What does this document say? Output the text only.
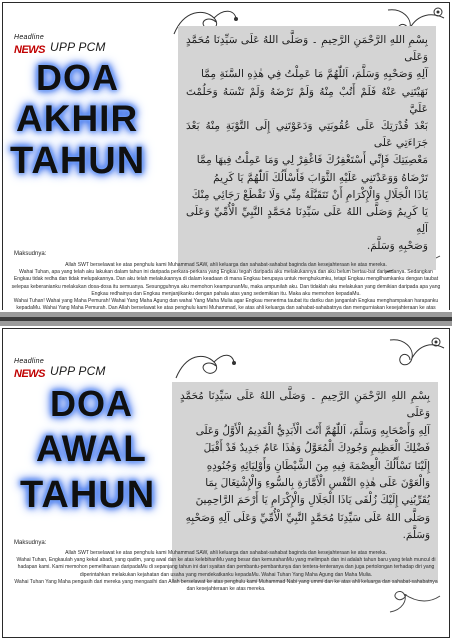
Headline
NEWS UPP PCM
DOA
AKHIR
TAHUN
بِسْمِ اللهِ الرَّحْمَنِ الرَّحِيمِ ۔ وَصَلَّى اللهُ عَلَى سَيِّدِنَا مُحَمَّدٍ وَعَلَى
آلِهِ وَصَحْبِهِ وَسَلَّمَ، اَللّٰهُمَّ مَا عَمِلْتُ فِي هٰذِهِ السَّنَةِ مِمَّا
نَهَيْتَنِي عَنْهُ فَلَمْ أَتُبْ مِنْهُ وَلَمْ تَرْضَهُ وَلَمْ تَنْسَهُ وَحَلُمْتَ عَلَيَّ
بَعْدَ قُدْرَتِكَ عَلَى عُقُوبَتِي وَدَعَوْتَنِي إِلَى التَّوْبَةِ مِنْهُ بَعْدَ جَرَاءَتِي عَلَى
مَعْصِيَتِكَ فَإِنِّي أَسْتَغْفِرُكَ فَاغْفِرْ لِي وَمَا عَمِلْتُ فِيهَا مِمَّا
تَرْضَاهُ وَوَعَدْتَنِي عَلَيْهِ الثَّوَابَ فَأَسْأَلُكَ اَللّٰهُمَّ يَا كَرِيمُ
يَاذَا الْجَلَالِ وَالْإِكْرَامِ أَنْ تَتَقَبَّلَهُ مِنِّي وَلَا تَقْطَعْ رَجَائِي مِنْكَ
يَا كَرِيمُ وَصَلَّى اللهُ عَلَى سَيِّدِنَا مُحَمَّدٍ النَّبِيِّ الْأُمِّيِّ وَعَلَى آلِهِ
وَصَحْبِهِ وَسَلَّمَ.
Maksudnya:

Allah SWT berselawat ke atas penghulu kami Muhammad SAW, ahli keluarga dan sahabat-sahabat baginda dan kesejahteraan ke atas mereka.

Wahai Tuhan, apa yang telah aku lakukan dalam tahun ini daripada perkara-perkara yang Engkau tegah daripada aku melakukannya dan aku belum bertau-bat daripadanya. Sedangkan Engkau tidak redha dan tidak melupakannya. Dan aku telah melakukannya di dalam keadaan di mana Engkau berupaya untuk menghukumku, tetapi Engkau mengilhamkanku dengan taubat selepas keberanianku melakukan dosa-dosa itu semuanya. Sesungguhnya aku memohon keampunanMu, maka ampunilah aku. Dan tidaklah aku melakukan yang demikian daripada apa yang Engkau redhainya dan Engkau menjanjikanku dengan pahala atas yang sedemikian itu. Maka aku memohon kepadaMu.

Wahai Tuhan! Wahai yang Maha Pemurah! Wahai Yang Maha Agung dan wahai Yang Maha Mulia agar Engkau menerima taubat itu dariku dan janganlah Engkau menghampakan harapanku kepadaMu. Wahai Yang Maha Pemurah. Dan Allah berselawat ke atas penghulu kami Muhammad, ke atas ahli keluarga dan sahabat-sahabatnya dan mengurniakan kesejahteraan ke atas

Headline
NEWS UPP PCM
DOA
AWAL
TAHUN
بِسْمِ اللهِ الرَّحْمَنِ الرَّحِيمِ ۔ وَصَلَّى اللهُ عَلَى سَيِّدِنَا مُحَمَّدٍ وَعَلَى
آلِهِ وَأَصْحَابِهِ وَسَلَّمَ، اَللّٰهُمَّ أَنْتَ الْأَبَدِيُّ الْقَدِيمُ الْأَوَّلُ وَعَلَى
فَضْلِكَ الْعَظِيمِ وَجُودِكَ الْمُعَوَّلُ وَهٰذَا عَامٌ جَدِيدٌ قَدْ أَقْبَلَ
إِلَيْنَا نَسْأَلُكَ الْعِصْمَةَ فِيهِ مِنَ الشَّيْطَانِ وَأَوْلِيَائِهِ وَجُنُودِهِ
وَالْعَوْنَ عَلَى هٰذِهِ النَّفْسِ الْأَمَّارَةِ بِالسُّوءِ وَالْإِشْتِغَالَ بِمَا
يُقَرِّبُنِي إِلَيْكَ زُلْفَى يَاذَا الْجَلَالِ وَالْإِكْرَامِ يَا أَرْحَمَ الرَّاحِمِينَ
وَصَلَّى اللهُ عَلَى سَيِّدِنَا مُحَمَّدٍ النَّبِيِّ الْأُمِّيِّ وَعَلَى آلِهِ وَصَحْبِهِ
وَسَلَّمَ.
Maksudnya:

Allah SWT berselawat ke atas penghulu kami Muhammad SAW, ahli keluarga dan sahabat-sahabat baginda dan kesejahteraan ke atas mereka.

Wahai Tuhan, Engkaulah yang kekal abadi, yang qadim, yang awal dan ke atas kelebihanMu yang besar dan kemurahanMu yang melimpah dan ini adalah tahun baru yang telah muncul di hadapan kami. Kami memohon pemeliharaan daripadaMu di sepanjang tahun ini dari syaitan dan pembantu-pembantunya dan tentera-tenteranya dan juga pertolongan terhadap diri yang diperintahkan melakukan kejahatan dan usaha yang mendekatkanku kepadaMu. Wahai Tuhan Yang Maha Agung dan Maha Mulia.

Wahai Tuhan Yang Maha pengasih dari mereka yang mengasihi dan Allah berselawat ke atas penghulu kami Muhammad Nabi yang ummi dan ke atas ahli keluarga dan sahabat-sahabatnya dan kesejahteraan ke atas mereka.
